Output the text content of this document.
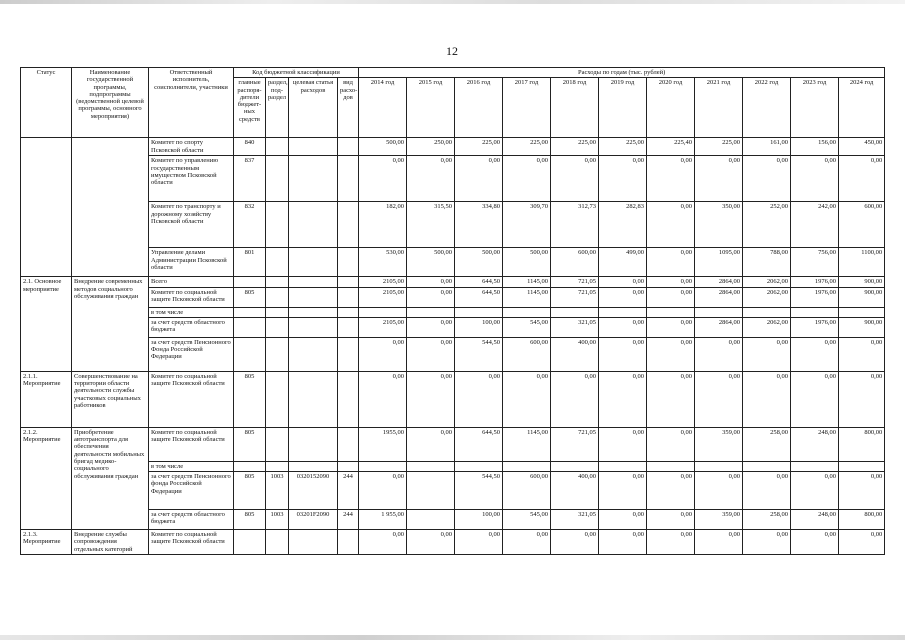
12
Статус	Наименование государственной программы, подпрограммы (ведомственной целевой программы, основного мероприятия)	Ответственный исполнитель, соисполнители, участники	Код бюджетной классификации				Расходы по годам (тыс. рублей)										
			главные распоря- дители бюджет- ных средств	раздел, под- раздел	целевая статья расходов	вид расхо- дов	2014 год	2015 год	2016 год	2017 год	2018 год	2019 год	2020 год	2021 год	2022 год	2023 год	2024 год
		Комитет по спорту Псковской области	840				500,00	250,00	225,00	225,00	225,00	225,00	225,40	225,00	161,00	156,00	450,00
		Комитет по управлению государственным имуществом Псковской области	837				0,00	0,00	0,00	0,00	0,00	0,00	0,00	0,00	0,00	0,00	0,00
		Комитет по транспорту и дорожному хозяйству Псковской области	832				182,00	315,50	334,80	309,70	312,73	282,83	0,00	350,00	252,00	242,00	600,00
		Управление делами Администрации Псковской области	801				530,00	500,00	500,00	500,00	600,00	499,00	0,00	1095,00	788,00	756,00	1100,00
2.1. Основное мероприятие	Внедрение современных методов социального обслуживания граждан	Всего					2105,00	0,00	644,50	1145,00	721,05	0,00	0,00	2864,00	2062,00	1976,00	900,00
		Комитет по социальной защите Псковской области	805				2105,00	0,00	644,50	1145,00	721,05	0,00	0,00	2864,00	2062,00	1976,00	900,00
		в том числе															
		за счет средств областного бюджета					2105,00	0,00	100,00	545,00	321,05	0,00	0,00	2864,00	2062,00	1976,00	900,00
		за счет средств Пенсионного Фонда Российской Федерации					0,00	0,00	544,50	600,00	400,00	0,00	0,00	0,00	0,00	0,00	0,00
2.1.1. Мероприятие	Совершенствование на территории области деятельности службы участковых социальных работников	Комитет по социальной защите Псковской области	805				0,00	0,00	0,00	0,00	0,00	0,00	0,00	0,00	0,00	0,00	0,00
2.1.2. Мероприятие	Приобретение автотранспорта для обеспечения деятельности мобильных бригад медико-социального обслуживания граждан	Комитет по социальной защите Псковской области	805				1955,00	0,00	644,50	1145,00	721,05	0,00	0,00	359,00	258,00	248,00	800,00
		в том числе															
		за счет средств Пенсионного фонда Российской Федерации	805	1003	0320152090	244	0,00		544,50	600,00	400,00	0,00	0,00	0,00	0,00	0,00	0,00
		за счет средств областного бюджета	805	1003	03201F2090	244	1 955,00		100,00	545,00	321,05	0,00	0,00	359,00	258,00	248,00	800,00
2.1.3. Мероприятие	Внедрение службы сопровождения отдельных категорий	Комитет по социальной защите Псковской области					0,00	0,00	0,00	0,00	0,00	0,00	0,00	0,00	0,00	0,00	0,00
